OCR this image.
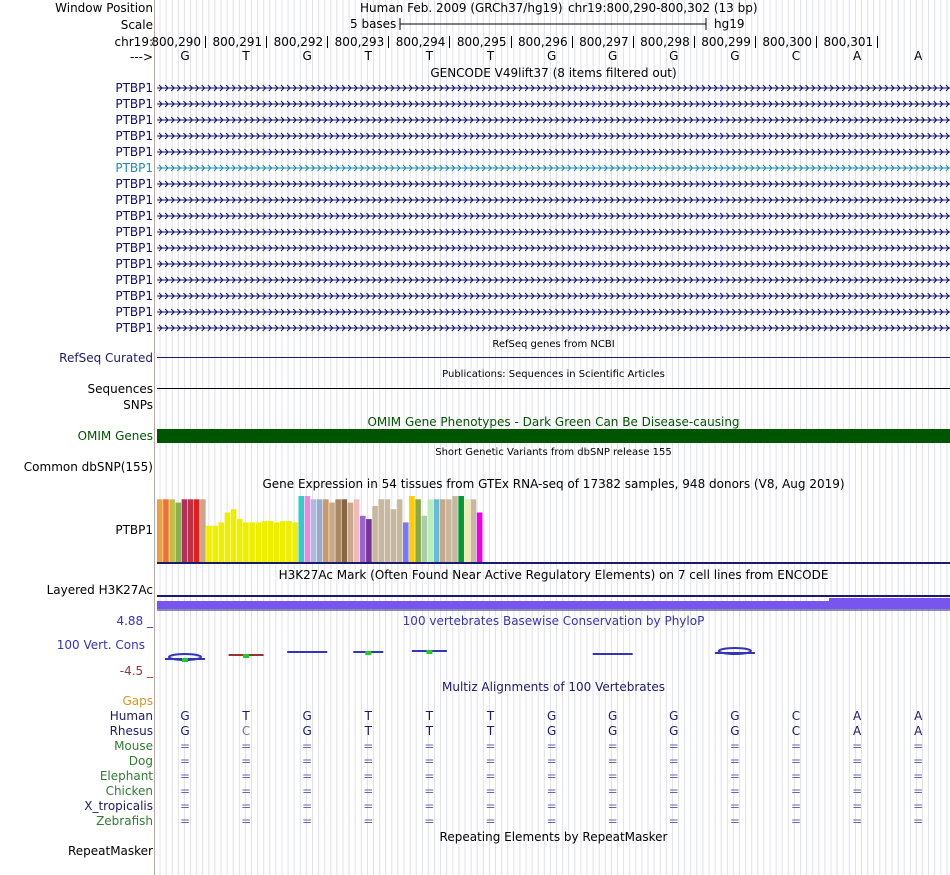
Window Position	Human Feb. 2009 (GRCh37/hg19) chr19:800,290-800,302 (13 bp)
Scale	5 bases	hg19
chr19:
800,290 800,291 800,292 800,293 800,294 800,295 800,296 800,297 800,298 800,299 800,300 800,301
--->	G	T	G	T	T	T	G	G	G	G	C	A	A
GENCODE V49lift37 (8 items filtered out)
PTBP1
PTBP1
PTBP1
PTBP1
PTBP1
PTBP1
PTBP1
PTBP1
PTBP1
PTBP1
PTBP1
PTBP1
PTBP1
PTBP1
PTBP1
PTBP1
RefSeq genes from NCBI
RefSeq Curated
Publications: Sequences in Scientific Articles
Sequences
SNPs
OMIM Gene Phenotypes - Dark Green Can Be Disease-causing
OMIM Genes
Short Genetic Variants from dbSNP release 155
Common dbSNP(155)
Gene Expression in 54 tissues from GTEx RNA-seq of 17382 samples, 948 donors (V8, Aug 2019)
PTBP1
H3K27Ac Mark (Often Found Near Active Regulatory Elements) on 7 cell lines from ENCODE
Layered H3K27Ac
100 vertebrates Basewise Conservation by PhyloP
4.88 _
100 Vert. Cons
-4.5 _
Multiz Alignments of 100 Vertebrates
Gaps
Human	G	T	G	T	T	T	G	G	G	G	C	A	A
Rhesus	G	C	G	T	T	T	G	G	G	G	C	A	A
Mouse	=	=	=	=	=	=	=	=	=	=	=	=	=
Dog	=	=	=	=	=	=	=	=	=	=	=	=	=
Elephant	=	=	=	=	=	=	=	=	=	=	=	=	=
Chicken	=	=	=	=	=	=	=	=	=	=	=	=	=
X_tropicalis	=	=	=	=	=	=	=	=	=	=	=	=	=
Zebrafish	=	=	=	=	=	=	=	=	=	=	=	=	=
Repeating Elements by RepeatMasker
RepeatMasker
